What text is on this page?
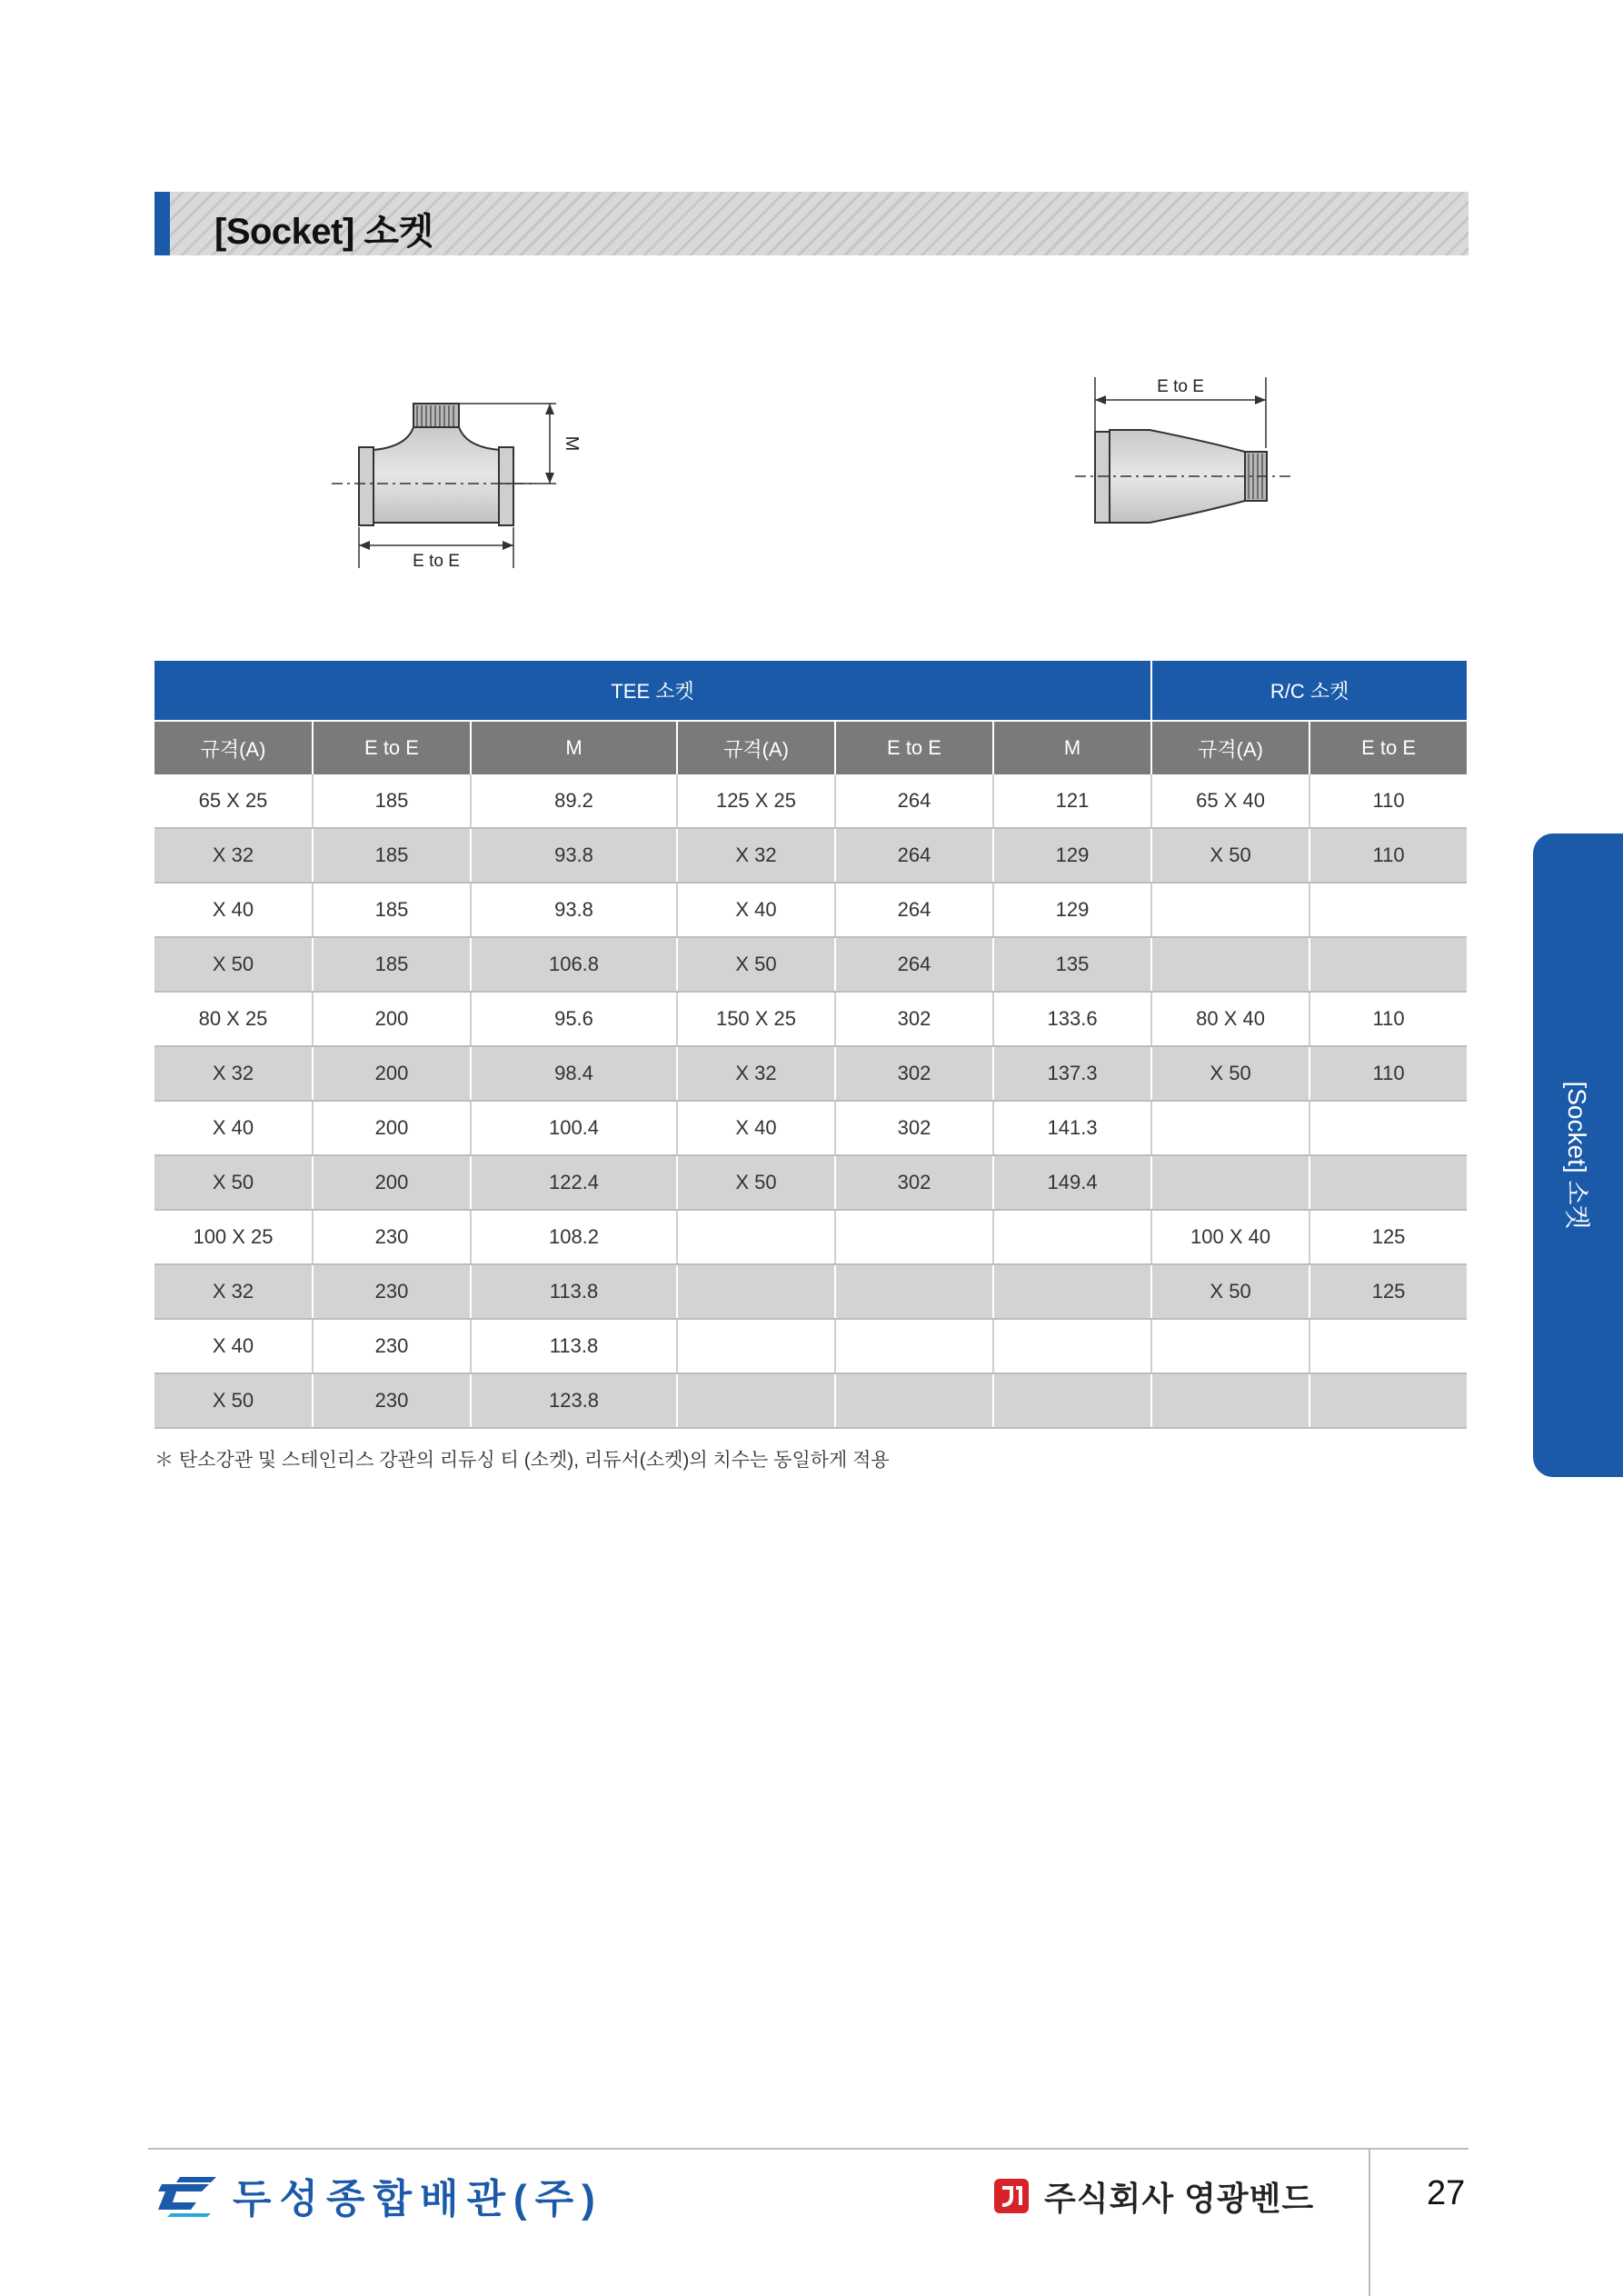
[Socket] 소켓
M
E to E
E to E
TEE 소켓						R/C 소켓	
규격(A)	E to E	M	규격(A)	E to E	M	규격(A)	E to E
65 X 25	185	89.2	125 X 25	264	121	65 X 40	110
X 32	185	93.8	X 32	264	129	X 50	110
X 40	185	93.8	X 40	264	129		
X 50	185	106.8	X 50	264	135		
80 X 25	200	95.6	150 X 25	302	133.6	80 X 40	110
X 32	200	98.4	X 32	302	137.3	X 50	110
X 40	200	100.4	X 40	302	141.3		
X 50	200	122.4	X 50	302	149.4		
100 X 25	230	108.2				100 X 40	125
X 32	230	113.8				X 50	125
X 40	230	113.8					
X 50	230	123.8					
＊ 탄소강관 및 스테인리스 강관의 리듀싱 티 (소켓), 리듀서(소켓)의 치수는 동일하게 적용
[Socket] 소켓
두성종합배관(주)	주식회사 영광벤드	27
